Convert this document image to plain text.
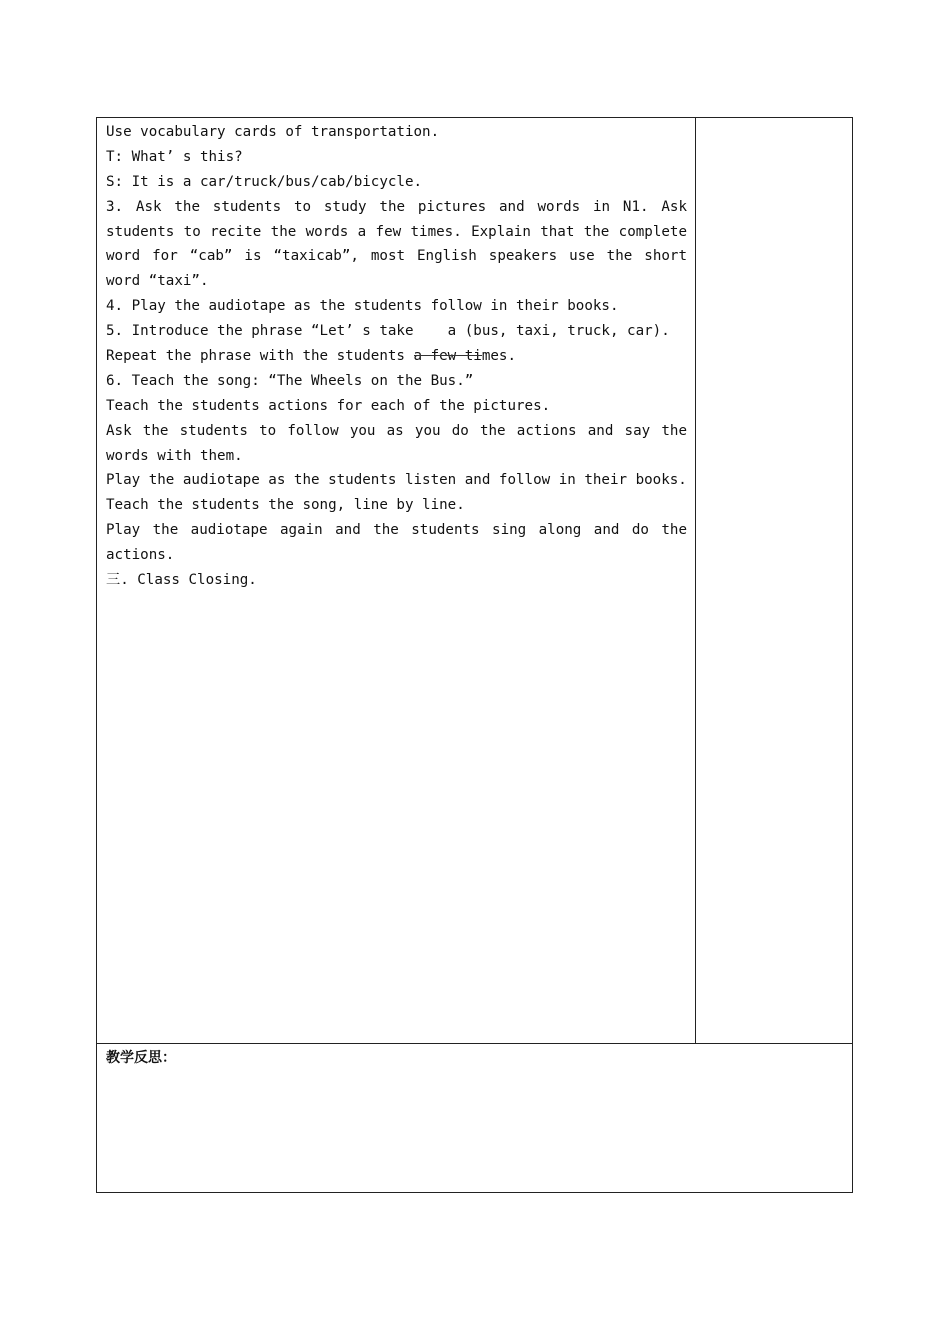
Use vocabulary cards of transportation.
T: What’ s this?
S: It is a car/truck/bus/cab/bicycle.
3. Ask the students to study the pictures and words in N1. Ask
students to recite the words a few times. Explain that the complete
word for “cab” is “taxicab”, most English speakers use the short
word “taxi”.
4. Play the audiotape as the students follow in their books.
5. Introduce the phrase “Let’ s take    a (bus, taxi, truck, car).
Repeat the phrase with the students a few times.
6. Teach the song: “The Wheels on the Bus.”
Teach the students actions for each of the pictures.
Ask the students to follow you as you do the actions and say the
words with them.
Play the audiotape as the students listen and follow in their books.
Teach the students the song, line by line.
Play the audiotape again and the students sing along and do the
actions.
三. Class Closing.
教学反思：
